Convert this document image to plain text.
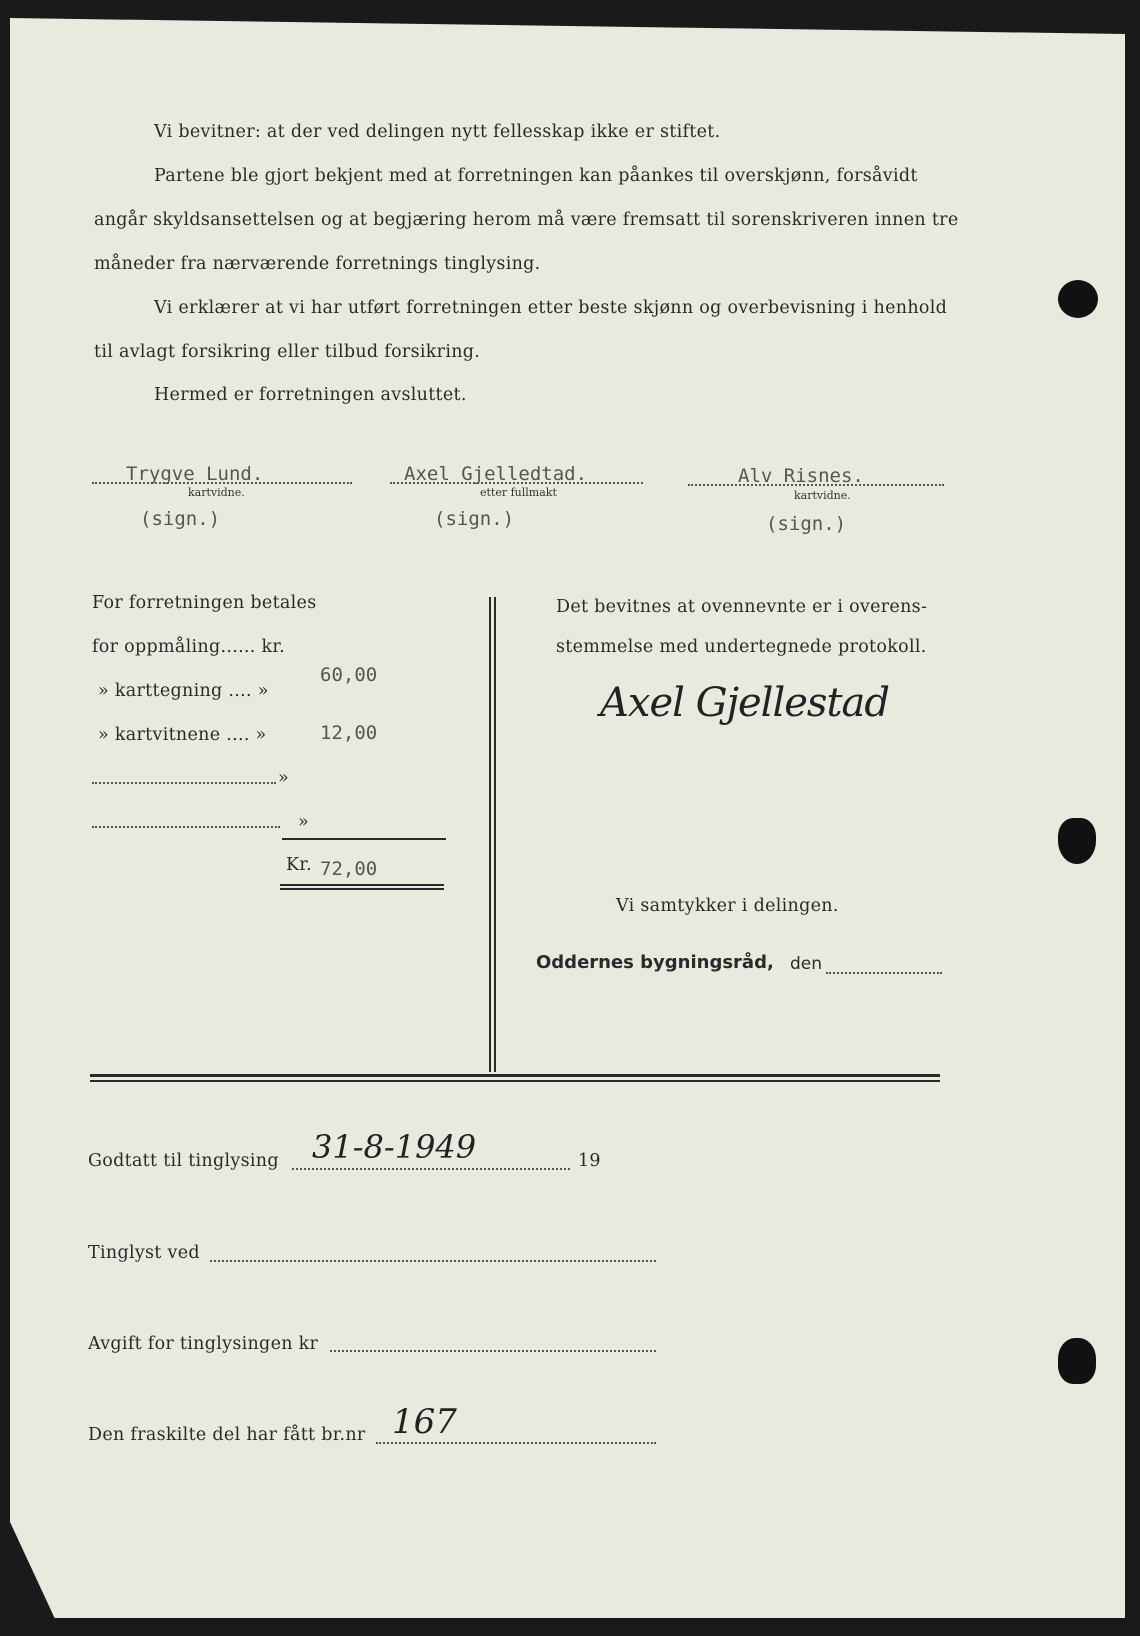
Vi bevitner: at der ved delingen nytt fellesskap ikke er stiftet.
Partene ble gjort bekjent med at forretningen kan påankes til overskjønn, forsåvidt
angår skyldsansettelsen og at begjæring herom må være fremsatt til sorenskriveren innen tre
måneder fra nærværende forretnings tinglysing.
Vi erklærer at vi har utført forretningen etter beste skjønn og overbevisning i henhold
til avlagt forsikring eller tilbud forsikring.
Hermed er forretningen avsluttet.
Trygve Lund.
kartvidne.
(sign.)
Axel Gjelledtad.
etter fullmakt
(sign.)
Alv Risnes.
kartvidne.
(sign.)
For forretningen betales
for oppmåling...... kr.
» karttegning .... »
60,00
» kartvitnene .... »	12,00
»
»
Kr. 72,00
Det bevitnes at ovennevnte er i overens-
stemmelse med undertegnede protokoll.
Axel Gjellestad
Vi samtykker i delingen.
Oddernes bygningsråd, den
Godtatt til tinglysing 31-8-1949	19
Tinglyst ved
Avgift for tinglysingen kr
Den fraskilte del har fått br.nr 167
